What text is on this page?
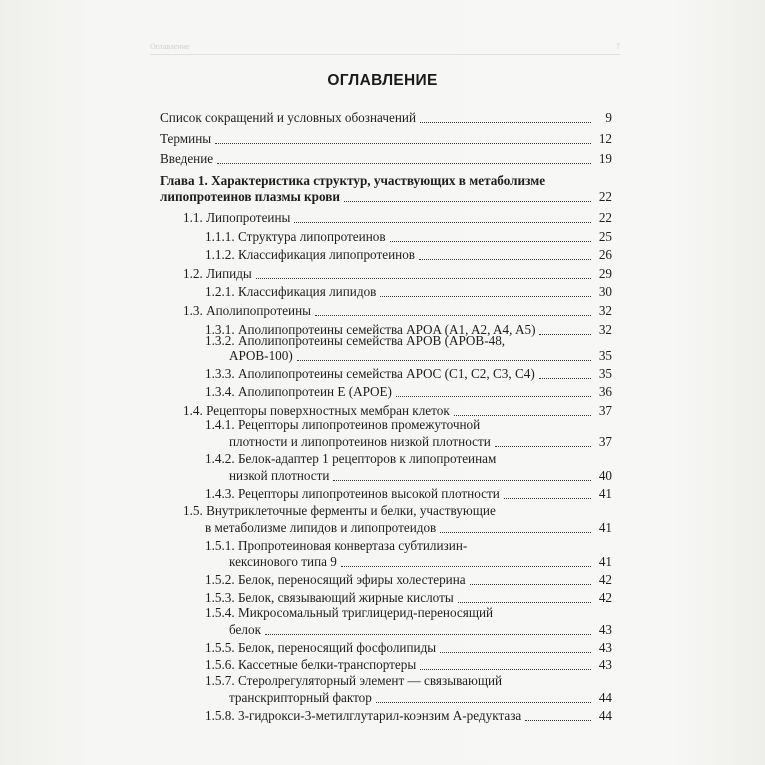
Оглавление	7
ОГЛАВЛЕНИЕ
Список сокращений и условных обозначений	9
Термины	12
Введение	19
Глава 1. Характеристика структур, участвующих в метаболизме
липопротеинов плазмы крови	22
1.1. Липопротеины	22
1.1.1. Структура липопротеинов	25
1.1.2. Классификация липопротеинов	26
1.2. Липиды	29
1.2.1. Классификация липидов	30
1.3. Аполипопротеины	32
1.3.1. Аполипопротеины семейства APOA (A1, A2, A4, A5)	32
1.3.2. Аполипопротеины семейства APOB (APOB-48,
APOB-100)	35
1.3.3. Аполипопротеины семейства APOC (C1, C2, C3, C4)	35
1.3.4. Аполипопротеин E (APOE)	36
1.4. Рецепторы поверхностных мембран клеток	37
1.4.1. Рецепторы липопротеинов промежуточной
плотности и липопротеинов низкой плотности	37
1.4.2. Белок-адаптер 1 рецепторов к липопротеинам
низкой плотности	40
1.4.3. Рецепторы липопротеинов высокой плотности	41
1.5. Внутриклеточные ферменты и белки, участвующие
в метаболизме липидов и липопротеидов	41
1.5.1. Пропротеиновая конвертаза субтилизин-
кексинового типа 9	41
1.5.2. Белок, переносящий эфиры холестерина	42
1.5.3. Белок, связывающий жирные кислоты	42
1.5.4. Микросомальный триглицерид-переносящий
белок	43
1.5.5. Белок, переносящий фосфолипиды	43
1.5.6. Кассетные белки-транспортеры	43
1.5.7. Стеролрегуляторный элемент — связывающий
транскрипторный фактор	44
1.5.8. 3-гидрокси-3-метилглутарил-коэнзим А-редуктаза	44
